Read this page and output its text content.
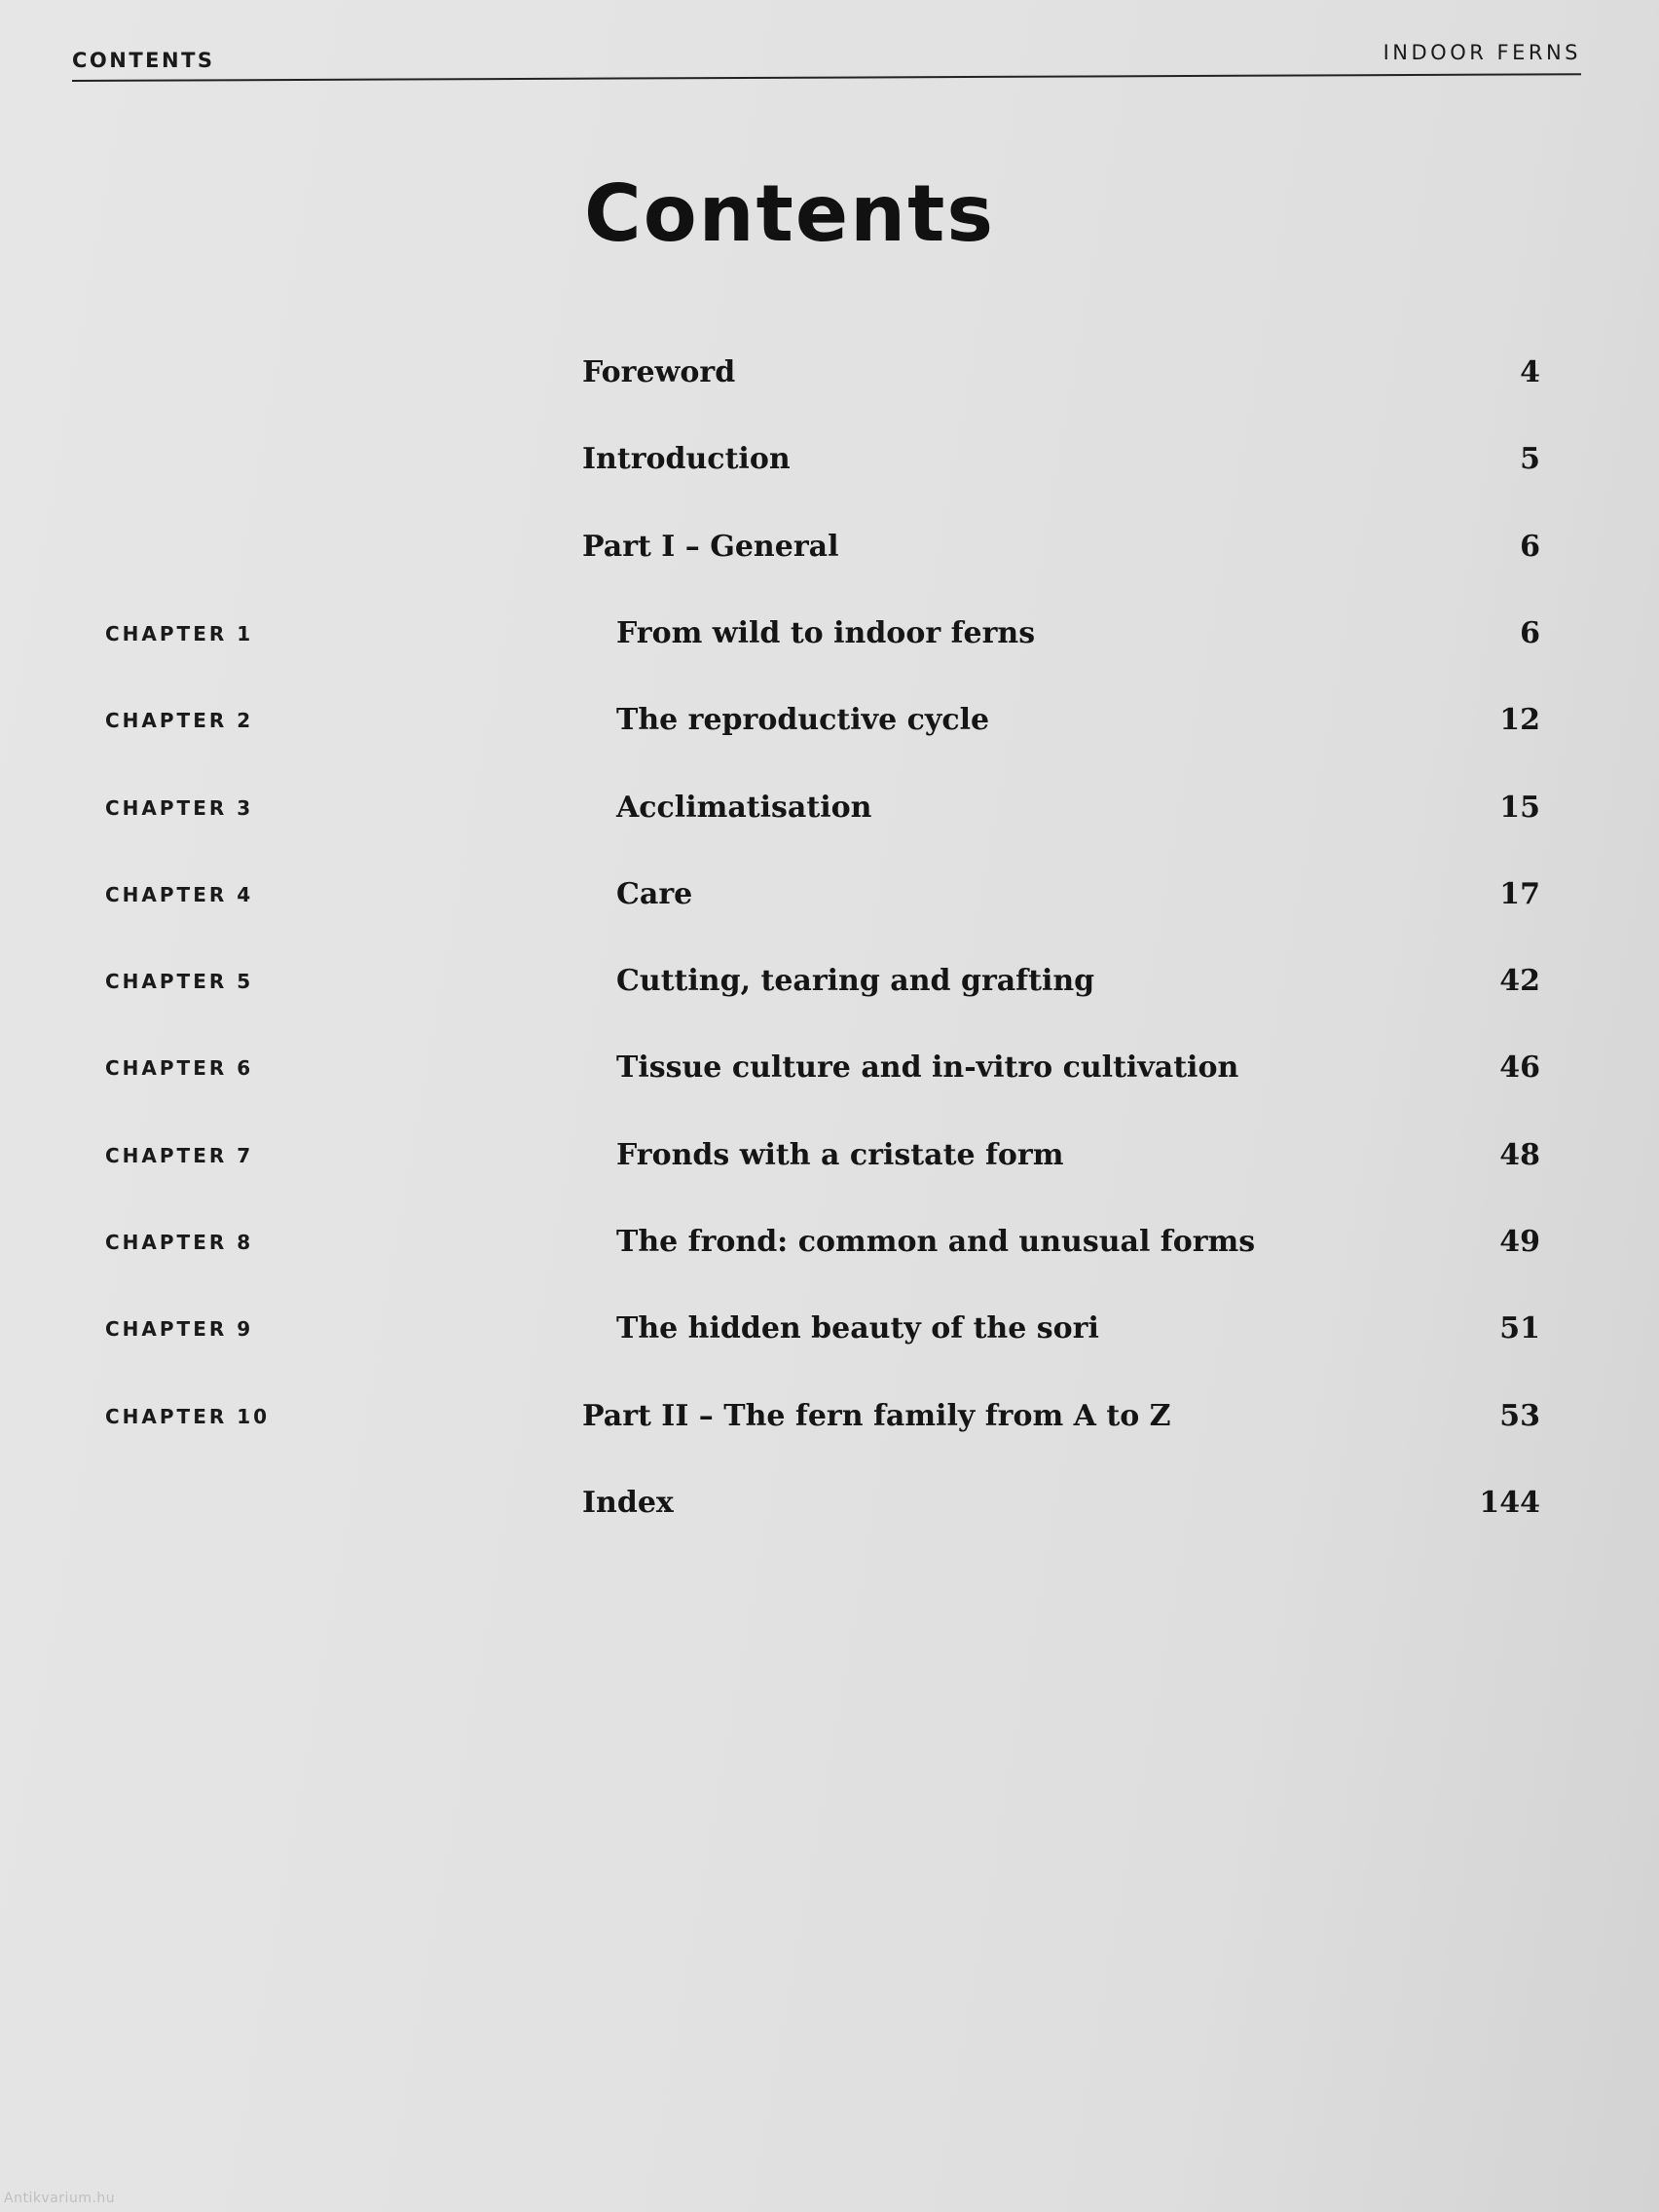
CONTENTS	INDOOR FERNS
Contents
Foreword	4
Introduction	5
Part I – General	6
CHAPTER 1	From wild to indoor ferns	6
CHAPTER 2	The reproductive cycle	12
CHAPTER 3	Acclimatisation	15
CHAPTER 4	Care	17
CHAPTER 5	Cutting, tearing and grafting	42
CHAPTER 6	Tissue culture and in-vitro cultivation	46
CHAPTER 7	Fronds with a cristate form	48
CHAPTER 8	The frond: common and unusual forms	49
CHAPTER 9	The hidden beauty of the sori	51
CHAPTER 10	Part II – The fern family from A to Z	53
Index	144
Antikvarium.hu
